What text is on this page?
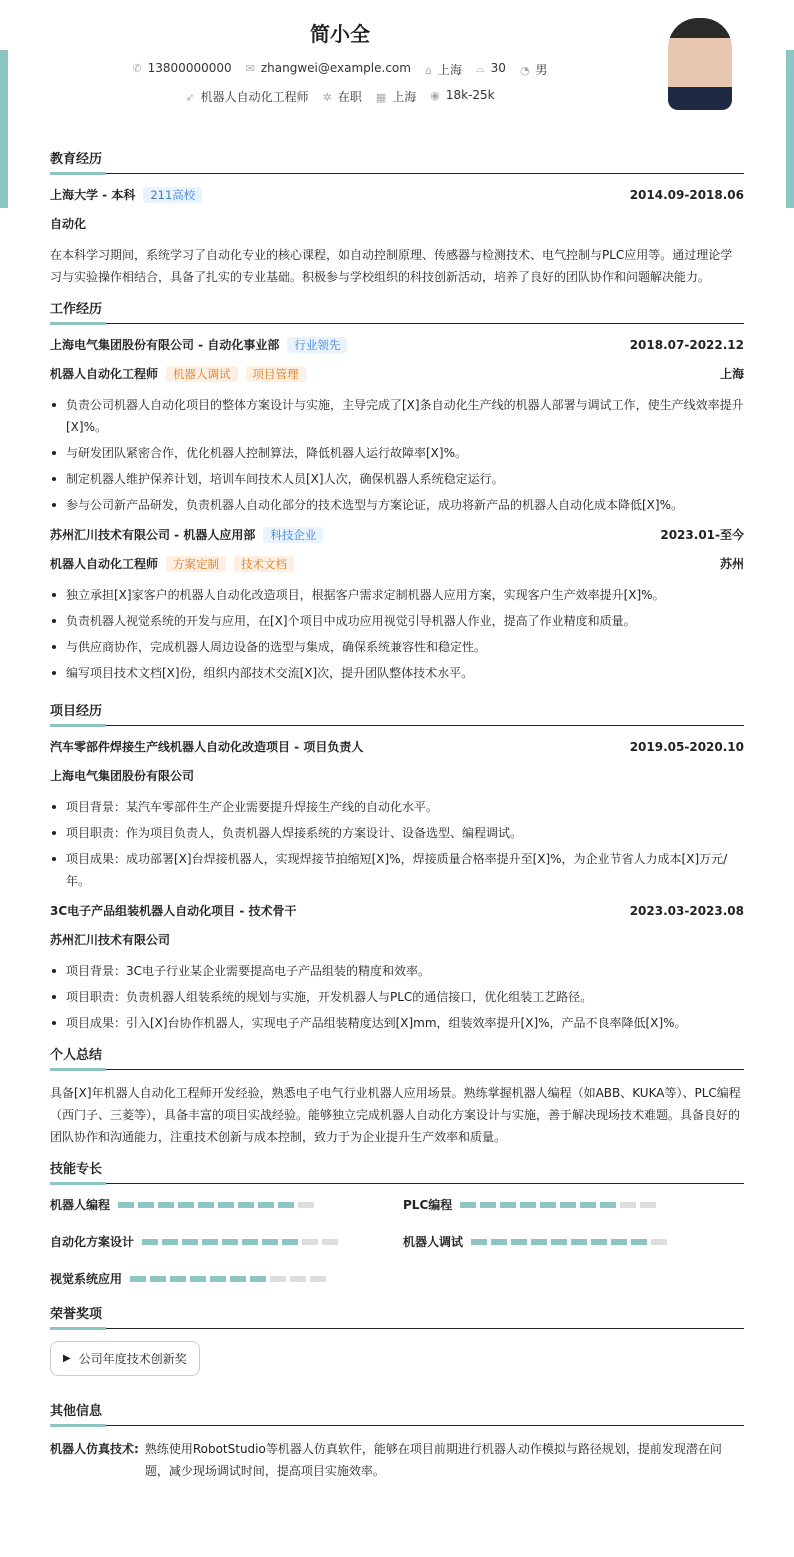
简小全
✆ 13800000000 ✉ zhangwei@example.com ⌂ 上海 ⌓ 30 ◔ 男
➶ 机器人自动化工程师 ✲ 在职 ▦ 上海 ◉ 18k-25k
教育经历
上海大学 - 本科 211高校	2014.09-2018.06
自动化

在本科学习期间，系统学习了自动化专业的核心课程，如自动控制原理、传感器与检测技术、电气控制与PLC应用等。通过理论学习与实验操作相结合，具备了扎实的专业基础。积极参与学校组织的科技创新活动，培养了良好的团队协作和问题解决能力。

工作经历
上海电气集团股份有限公司 - 自动化事业部 行业领先	2018.07-2022.12
机器人自动化工程师 机器人调试 项目管理	上海
负责公司机器人自动化项目的整体方案设计与实施，主导完成了[X]条自动化生产线的机器人部署与调试工作，使生产线效率提升[X]%。
与研发团队紧密合作，优化机器人控制算法，降低机器人运行故障率[X]%。
制定机器人维护保养计划，培训车间技术人员[X]人次，确保机器人系统稳定运行。
参与公司新产品研发，负责机器人自动化部分的技术选型与方案论证，成功将新产品的机器人自动化成本降低[X]%。
苏州汇川技术有限公司 - 机器人应用部 科技企业	2023.01-至今
机器人自动化工程师 方案定制 技术文档	苏州
独立承担[X]家客户的机器人自动化改造项目，根据客户需求定制机器人应用方案，实现客户生产效率提升[X]%。
负责机器人视觉系统的开发与应用，在[X]个项目中成功应用视觉引导机器人作业，提高了作业精度和质量。
与供应商协作，完成机器人周边设备的选型与集成，确保系统兼容性和稳定性。
编写项目技术文档[X]份，组织内部技术交流[X]次，提升团队整体技术水平。
项目经历
汽车零部件焊接生产线机器人自动化改造项目 - 项目负责人	2019.05-2020.10
上海电气集团股份有限公司
项目背景：某汽车零部件生产企业需要提升焊接生产线的自动化水平。
项目职责：作为项目负责人，负责机器人焊接系统的方案设计、设备选型、编程调试。
项目成果：成功部署[X]台焊接机器人，实现焊接节拍缩短[X]%，焊接质量合格率提升至[X]%，为企业节省人力成本[X]万元/年。
3C电子产品组装机器人自动化项目 - 技术骨干	2023.03-2023.08
苏州汇川技术有限公司
项目背景：3C电子行业某企业需要提高电子产品组装的精度和效率。
项目职责：负责机器人组装系统的规划与实施，开发机器人与PLC的通信接口，优化组装工艺路径。
项目成果：引入[X]台协作机器人，实现电子产品组装精度达到[X]mm，组装效率提升[X]%，产品不良率降低[X]%。
个人总结

具备[X]年机器人自动化工程师开发经验，熟悉电子电气行业机器人应用场景。熟练掌握机器人编程（如ABB、KUKA等）、PLC编程（西门子、三菱等），具备丰富的项目实战经验。能够独立完成机器人自动化方案设计与实施，善于解决现场技术难题。具备良好的团队协作和沟通能力，注重技术创新与成本控制，致力于为企业提升生产效率和质量。

技能专长
机器人编程	PLC编程
自动化方案设计	机器人调试
视觉系统应用
荣誉奖项
▶ 公司年度技术创新奖
其他信息
机器人仿真技术: 熟练使用RobotStudio等机器人仿真软件，能够在项目前期进行机器人动作模拟与路径规划，提前发现潜在问题，减少现场调试时间，提高项目实施效率。
